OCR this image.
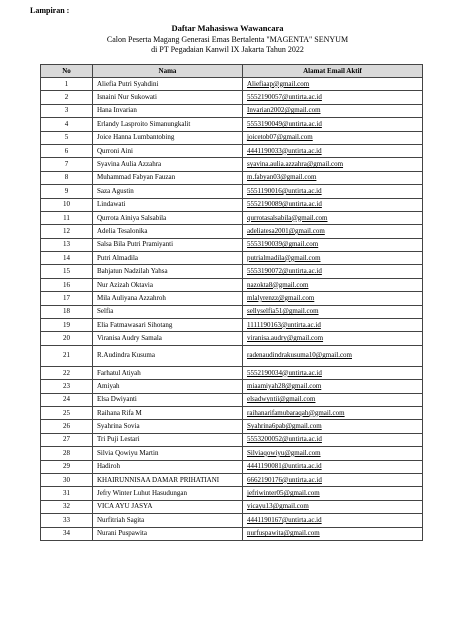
Lampiran :
Daftar Mahasiswa Wawancara
Calon Peserta Magang Generasi Emas Bertalenta "MAGENTA" SENYUM
di PT Pegadaian Kanwil IX Jakarta Tahun 2022
No	Nama	Alamat Email Aktif
1	Aliefia Putri Syahdini	Aliefiaap@gmail.com
2	Isnaini Nur Sukowati	5552190057@untirta.ac.id
3	Hana Invarian	Invarian2002@gmail.com
4	Erlandy Lasproito Simanungkalit	5553190049@untirta.ac.id
5	Joice Hanna Lumbantobing	joicetob07@gmail.com
6	Qurroni Aini	4441190033@untirta.ac.id
7	Syavina Aulia Azzahra	syavina.aulia.azzahra@gmail.com
8	Muhammad Fabyan Fauzan	m.fabyan03@gmail.com
9	Saza Agustin	5551190016@untirta.ac.id
10	Lindawati	5552190089@untirta.ac.id
11	Qurrota Ainiya Salsabila	qurrotasalsabila@gmail.com
12	Adelia Tesalonika	adeliatesa2001@gmail.com
13	Salsa Bila Putri Pramiyanti	5553190039@gmail.com
14	Putri Almadila	putrialmadila@gmail.com
15	Bahjatun Nadzilah Yahsa	5553190072@untirta.ac.id
16	Nur Azizah Oktavia	nazokta8@gmail.com
17	Mila Auliyana Azzahroh	mlalyrenzz@gmail.com
18	Selfia	sellyselfia51@gmail.com
19	Elia Fatmawasari Sihotang	1111190163@untirta.ac.id
20	Viranisa Audry Samala	viranisa.audry@gmail.com
21	R.Audindra Kusuma	radenaudindrakusuma10@gmail.com
22	Farhatul Atiyah	5552190034@untirta.ac.id
23	Amiyah	miaamiyah28@gmail.com
24	Elsa Dwiyanti	elsadwyntii@gmail.com
25	Raihana Rifa M	raihanarifamubaraqah@gmail.com
26	Syahrina Sovia	Syahrina6pab@gmail.com
27	Tri Puji Lestari	5553200052@untirta.ac.id
28	Silvia Qowiyu Martin	Silviaqowiyu@gmail.com
29	Hadiroh	4441190081@untirta.ac.id
30	KHAIRUNNISAA DAMAR PRIHATIANI	6662190176@untirta.ac.id
31	Jefry Winter Luhut Hasudungan	jefriwinter05@gmail.com
32	VICA AYU JASYA	vicayu13@gmail.com
33	Nurfitriah Sagita	4441190167@untirta.ac.id
34	Nurani Puspawita	nurfuspawita@gmail.com
